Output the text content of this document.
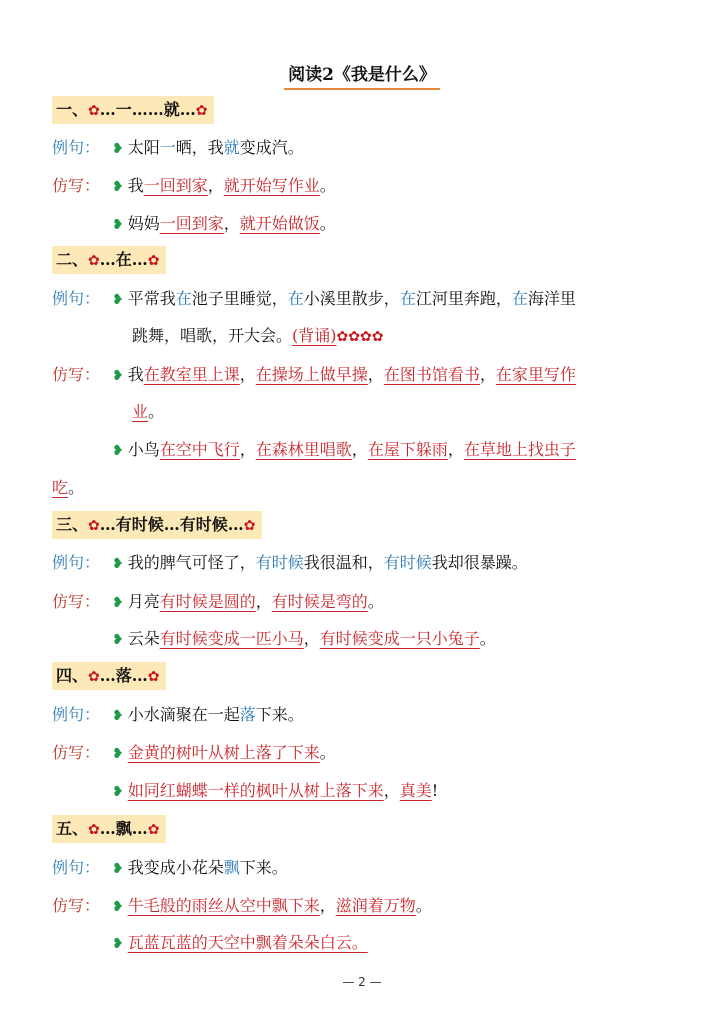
阅读2《我是什么》
一、✿…一……就…✿
例句： ❥ 太阳一晒，我就变成汽。
仿写： ❥ 我一回到家，就开始写作业。
❥ 妈妈一回到家，就开始做饭。
二、✿…在…✿
例句： ❥ 平常我在池子里睡觉，在小溪里散步，在江河里奔跑，在海洋里
跳舞，唱歌，开大会。(背诵)✿✿✿✿
仿写： ❥ 我在教室里上课，在操场上做早操，在图书馆看书，在家里写作
业。
❥ 小鸟在空中飞行，在森林里唱歌，在屋下躲雨，在草地上找虫子
吃。
三、✿…有时候…有时候…✿
例句： ❥ 我的脾气可怪了，有时候我很温和，有时候我却很暴躁。
仿写： ❥ 月亮有时候是圆的，有时候是弯的。
❥ 云朵有时候变成一匹小马，有时候变成一只小兔子。
四、✿…落…✿
例句： ❥ 小水滴聚在一起落下来。
仿写： ❥ 金黄的树叶从树上落了下来。
❥ 如同红蝴蝶一样的枫叶从树上落下来，真美!
五、✿…飘…✿
例句： ❥ 我变成小花朵飘下来。
仿写： ❥ 牛毛般的雨丝从空中飘下来，滋润着万物。
❥ 瓦蓝瓦蓝的天空中飘着朵朵白云。
— 2 —
